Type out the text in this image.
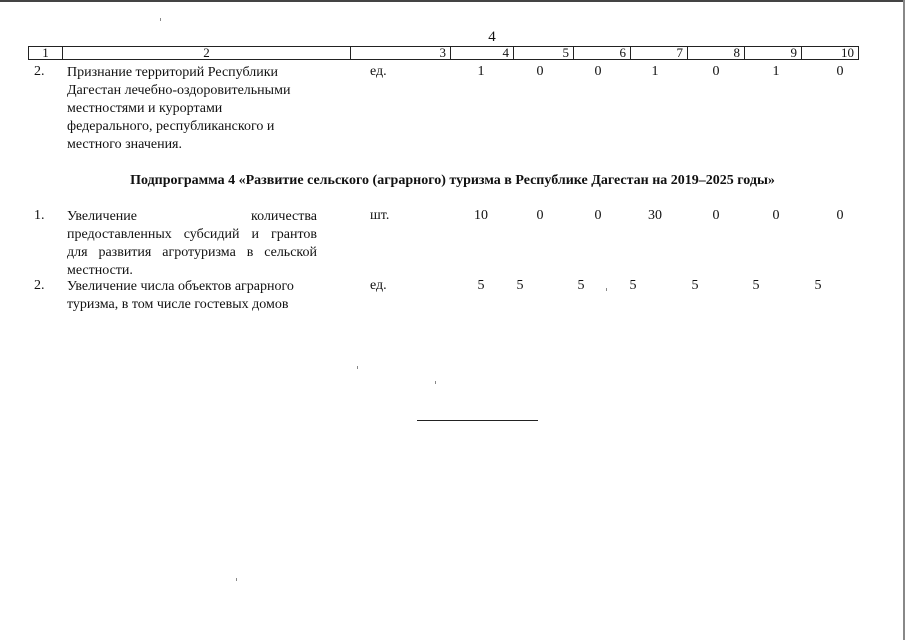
4
1	2	3	4	5	6	7	8	9	10
2. Признание территорий Республики
Дагестан лечебно-оздоровительными
местностями и курортами
федерального, республиканского и
местного значения.
ед.	1	0	0	1	0	1	0
Подпрограмма 4 «Развитие сельского (аграрного) туризма в Республике Дагестан на 2019–2025 годы»
1. Увеличение количества
предоставленных субсидий и грантов
для развития агротуризма в сельской
местности.
шт.	10	0	0	30	0	0	0
2. Увеличение числа объектов аграрного
туризма, в том числе гостевых домов
ед.	5	5	5	5	5	5	5
